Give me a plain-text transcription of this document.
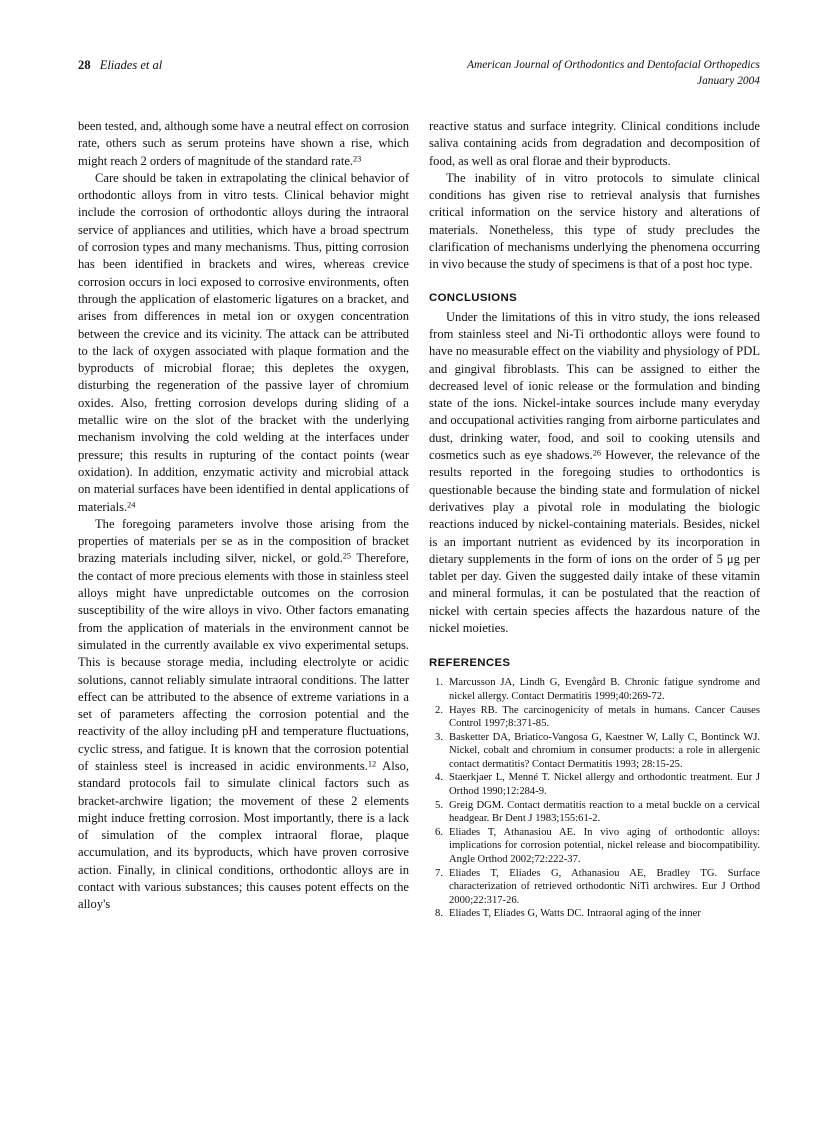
28 Eliades et al	American Journal of Orthodontics and Dentofacial Orthopedics
January 2004

been tested, and, although some have a neutral effect on corrosion rate, others such as serum proteins have shown a rise, which might reach 2 orders of magnitude of the standard rate.$^{23}$

Care should be taken in extrapolating the clinical behavior of orthodontic alloys from in vitro tests. Clinical behavior might include the corrosion of orthodontic alloys during the intraoral service of appliances and utilities, which have a broad spectrum of corrosion types and many mechanisms. Thus, pitting corrosion has been identified in brackets and wires, whereas crevice corrosion occurs in loci exposed to corrosive environments, often through the application of elastomeric ligatures on a bracket, and arises from differences in metal ion or oxygen concentration between the crevice and its vicinity. The attack can be attributed to the lack of oxygen associated with plaque formation and the byproducts of microbial florae; this depletes the oxygen, disturbing the regeneration of the passive layer of chromium oxides. Also, fretting corrosion develops during sliding of a metallic wire on the slot of the bracket with the underlying mechanism involving the cold welding at the interfaces under pressure; this results in rupturing of the contact points (wear oxidation). In addition, enzymatic activity and microbial attack on material surfaces have been identified in dental applications of materials.$^{24}$

The foregoing parameters involve those arising from the properties of materials per se as in the composition of bracket brazing materials including silver, nickel, or gold.$^{25}$ Therefore, the contact of more precious elements with those in stainless steel alloys might have unpredictable outcomes on the corrosion susceptibility of the wire alloys in vivo. Other factors emanating from the application of materials in the environment cannot be simulated in the currently available ex vivo experimental setups. This is because storage media, including electrolyte or acidic solutions, cannot reliably simulate intraoral conditions. The latter effect can be attributed to the absence of extreme variations in a set of parameters affecting the corrosion potential and the reactivity of the alloy including pH and temperature fluctuations, cyclic stress, and fatigue. It is known that the corrosion potential of stainless steel is increased in acidic environments.$^{12}$ Also, standard protocols fail to simulate clinical factors such as bracket-archwire ligation; the movement of these 2 elements might induce fretting corrosion. Most importantly, there is a lack of simulation of the complex intraoral florae, plaque accumulation, and its byproducts, which have proven corrosive action. Finally, in clinical conditions, orthodontic alloys are in contact with various substances; this causes potent effects on the alloy's

reactive status and surface integrity. Clinical conditions include saliva containing acids from degradation and decomposition of food, as well as oral florae and their byproducts.

The inability of in vitro protocols to simulate clinical conditions has given rise to retrieval analysis that furnishes critical information on the service history and alterations of materials. Nonetheless, this type of study precludes the clarification of mechanisms underlying the phenomena occurring in vivo because the study of specimens is that of a post hoc type.

CONCLUSIONS

Under the limitations of this in vitro study, the ions released from stainless steel and Ni-Ti orthodontic alloys were found to have no measurable effect on the viability and physiology of PDL and gingival fibroblasts. This can be assigned to either the decreased level of ionic release or the formulation and binding state of the ions. Nickel-intake sources include many everyday and occupational activities ranging from airborne particulates and dust, drinking water, food, and soil to cooking utensils and cosmetics such as eye shadows.$^{26}$ However, the relevance of the results reported in the foregoing studies to orthodontics is questionable because the binding state and formulation of nickel derivatives play a pivotal role in modulating the biologic reactions induced by nickel-containing materials. Besides, nickel is an important nutrient as evidenced by its incorporation in dietary supplements in the form of ions on the order of 5 μg per tablet per day. Given the suggested daily intake of these vitamin and mineral formulas, it can be postulated that the reaction of nickel with certain species affects the hazardous nature of the nickel moieties.

REFERENCES
1. Marcusson JA, Lindh G, Evengård B. Chronic fatigue syndrome and nickel allergy. Contact Dermatitis 1999;40:269-72.
2. Hayes RB. The carcinogenicity of metals in humans. Cancer Causes Control 1997;8:371-85.
3. Basketter DA, Briatico-Vangosa G, Kaestner W, Lally C, Bontinck WJ. Nickel, cobalt and chromium in consumer products: a role in allergenic contact dermatitis? Contact Dermatitis 1993; 28:15-25.
4. Staerkjaer L, Menné T. Nickel allergy and orthodontic treatment. Eur J Orthod 1990;12:284-9.
5. Greig DGM. Contact dermatitis reaction to a metal buckle on a cervical headgear. Br Dent J 1983;155:61-2.
6. Eliades T, Athanasiou AE. In vivo aging of orthodontic alloys: implications for corrosion potential, nickel release and biocompatibility. Angle Orthod 2002;72:222-37.
7. Eliades T, Eliades G, Athanasiou AE, Bradley TG. Surface characterization of retrieved orthodontic NiTi archwires. Eur J Orthod 2000;22:317-26.
8. Eliades T, Eliades G, Watts DC. Intraoral aging of the inner
